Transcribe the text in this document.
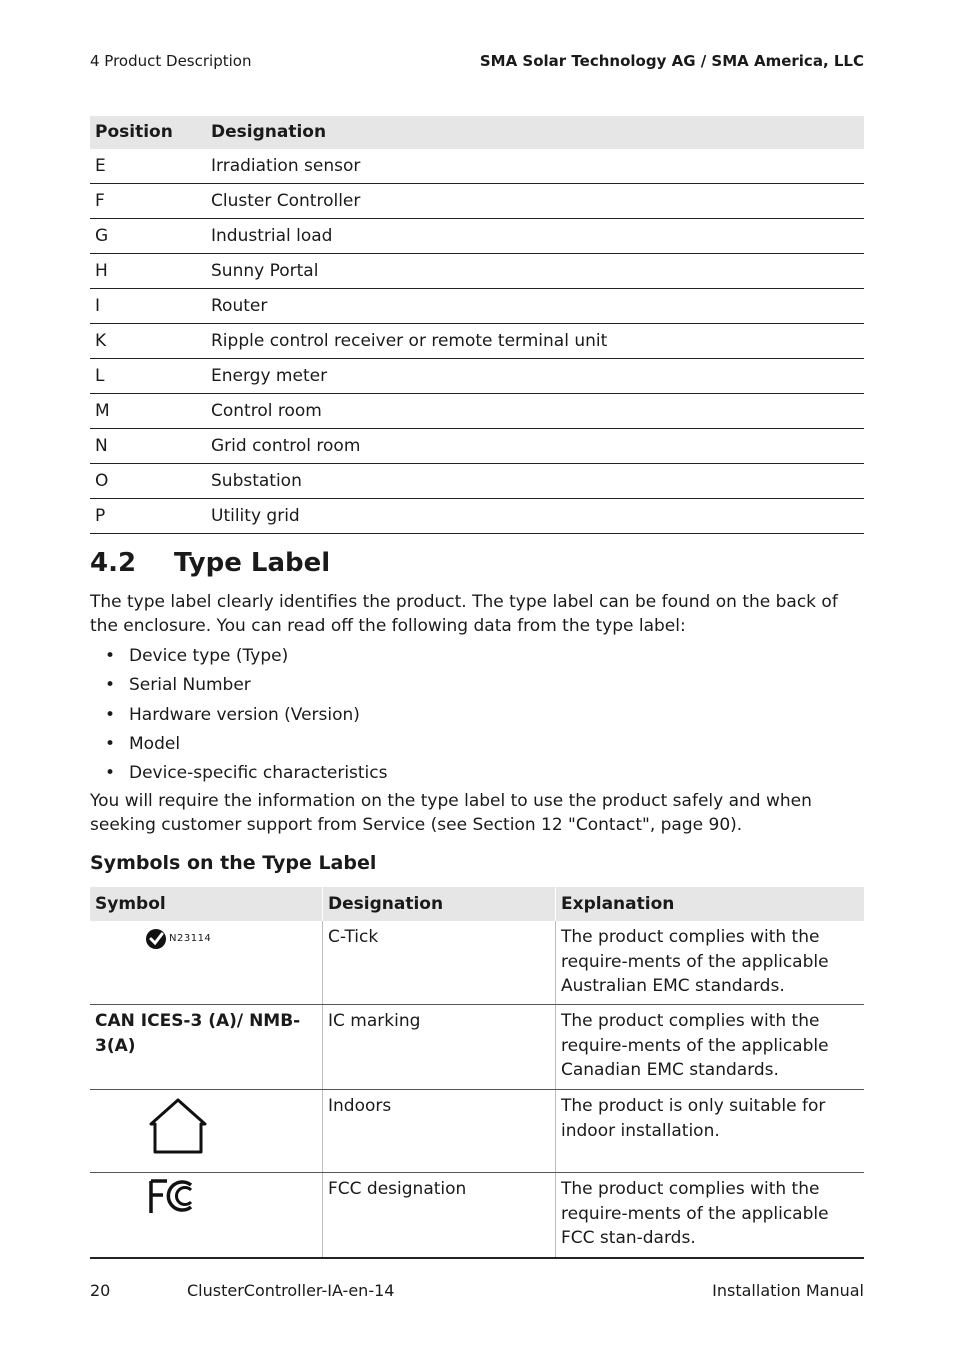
4 Product Description	SMA Solar Technology AG / SMA America, LLC
Position	Designation
E	Irradiation sensor
F	Cluster Controller
G	Industrial load
H	Sunny Portal
I	Router
K	Ripple control receiver or remote terminal unit
L	Energy meter
M	Control room
N	Grid control room
O	Substation
P	Utility grid
4.2 Type Label

The type label clearly identifies the product. The type label can be found on the back of the enclosure. You can read off the following data from the type label:

• Device type (Type)
• Serial Number
• Hardware version (Version)
• Model
• Device-specific characteristics

You will require the information on the type label to use the product safely and when seeking customer support from Service (see Section 12 "Contact", page 90).

Symbols on the Type Label
Symbol	Designation	Explanation

N23114	C-Tick	The product complies with the require-ments of the applicable Australian EMC standards.
CAN ICES-3 (A)/ NMB-3(A)	IC marking	The product complies with the require-ments of the applicable Canadian EMC standards.

	Indoors	The product is only suitable for indoor installation.

	FCC designation	The product complies with the require-ments of the applicable FCC stan-dards.
20	ClusterController-IA-en-14	Installation Manual
